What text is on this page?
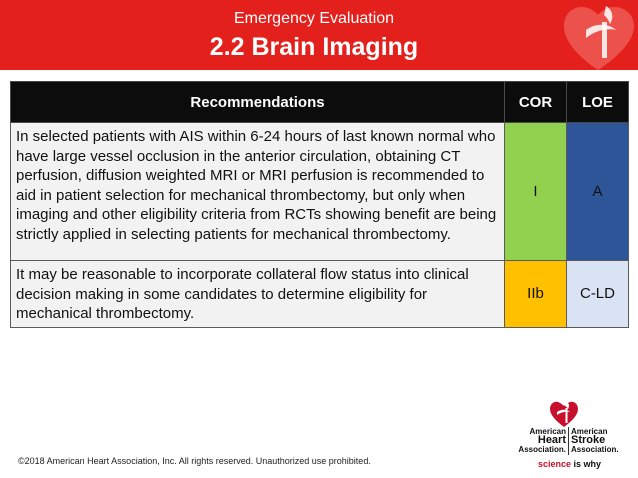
Emergency Evaluation
2.2 Brain Imaging
Recommendations	COR	LOE
In selected patients with AIS within 6-24 hours of last known normal who have large vessel occlusion in the anterior circulation, obtaining CT perfusion, diffusion weighted MRI or MRI perfusion is recommended to aid in patient selection for mechanical thrombectomy, but only when imaging and other eligibility criteria from RCTs showing benefit are being strictly applied in selecting patients for mechanical thrombectomy.	I	A
It may be reasonable to incorporate collateral flow status into clinical decision making in some candidates to determine eligibility for mechanical thrombectomy.	IIb	C-LD
©2018 American Heart Association, Inc. All rights reserved. Unauthorized use prohibited.
American
Heart
Association.
American
Stroke
Association.
science is why
